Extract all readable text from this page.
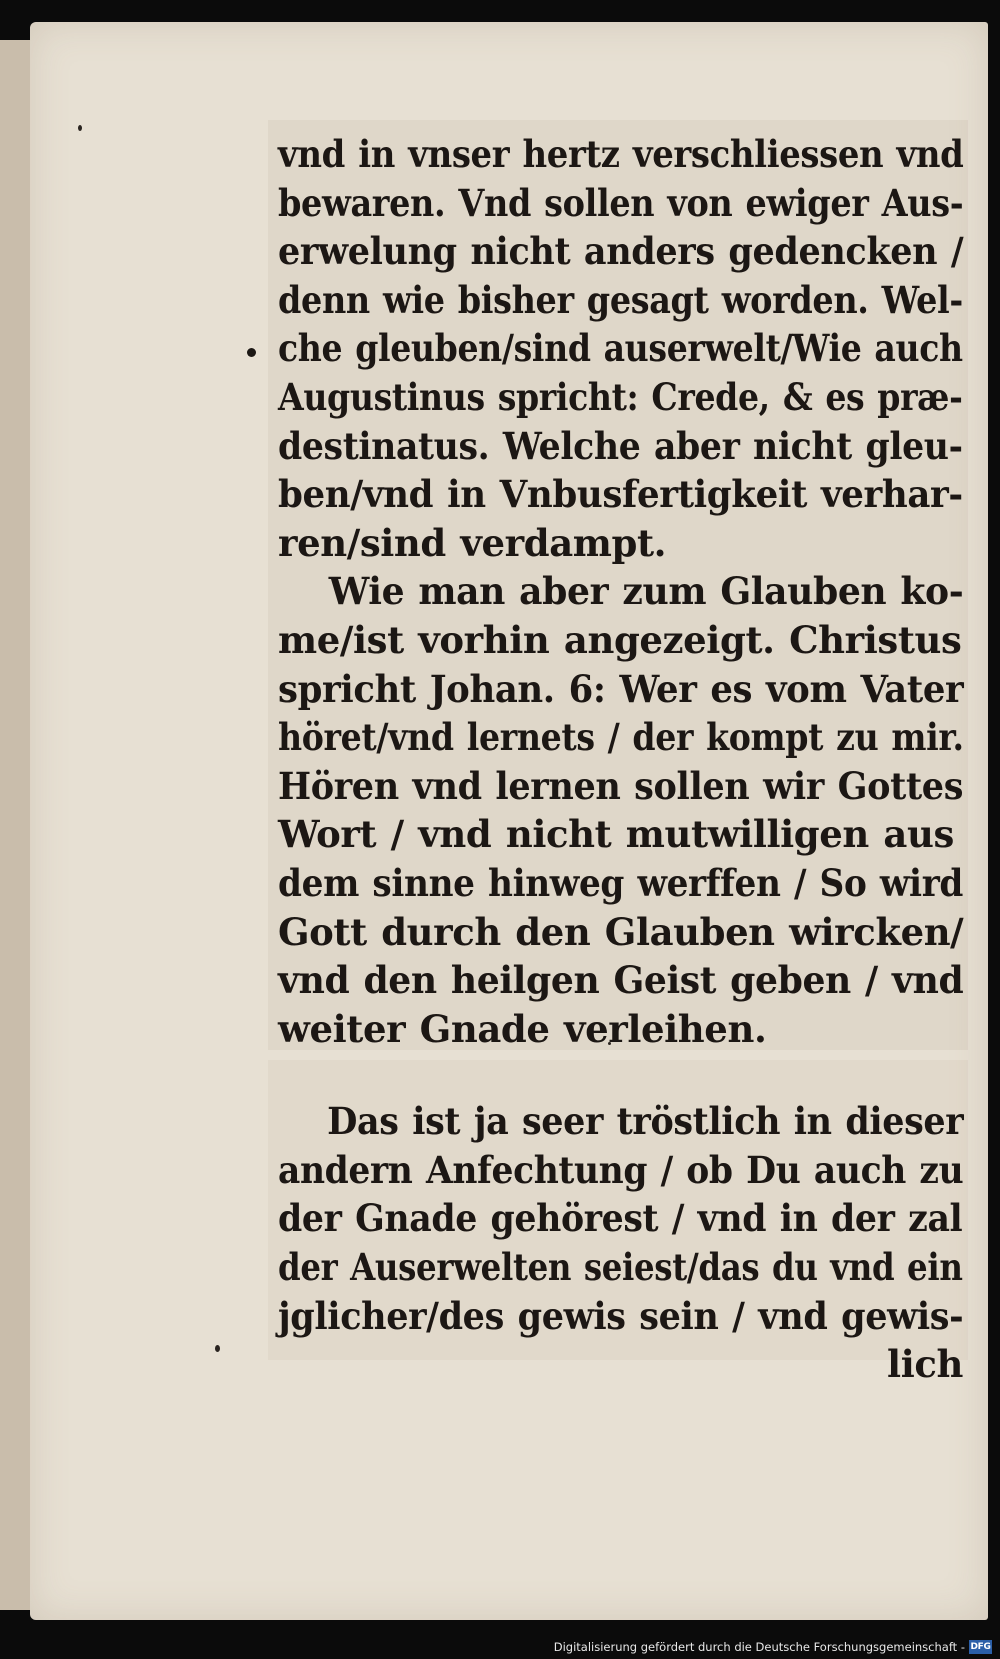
vnd in vnser hertz verschliessen vnd
bewaren. Vnd sollen von ewiger Aus-
erwelung nicht anders gedencken /
denn wie bisher gesagt worden. Wel-
che gleuben/sind auserwelt/Wie auch
Augustinus spricht: Crede, & es præ-
destinatus. Welche aber nicht gleu-
ben/vnd in Vnbusfertigkeit verhar-
ren/sind verdampt.
Wie man aber zum Glauben ko-
me/ist vorhin angezeigt. Christus
spricht Johan. 6: Wer es vom Vater
höret/vnd lernets / der kompt zu mir.
Hören vnd lernen sollen wir Gottes
Wort / vnd nicht mutwilligen aus
dem sinne hinweg werffen / So wird
Gott durch den Glauben wircken/
vnd den heilgen Geist geben / vnd
weiter Gnade verleihen.
Das ist ja seer tröstlich in dieser
andern Anfechtung / ob Du auch zu
der Gnade gehörest / vnd in der zal
der Auserwelten seiest/das du vnd ein
jglicher/des gewis sein / vnd gewis-
lich
Digitalisierung gefördert durch die Deutsche Forschungsgemeinschaft - DFG
